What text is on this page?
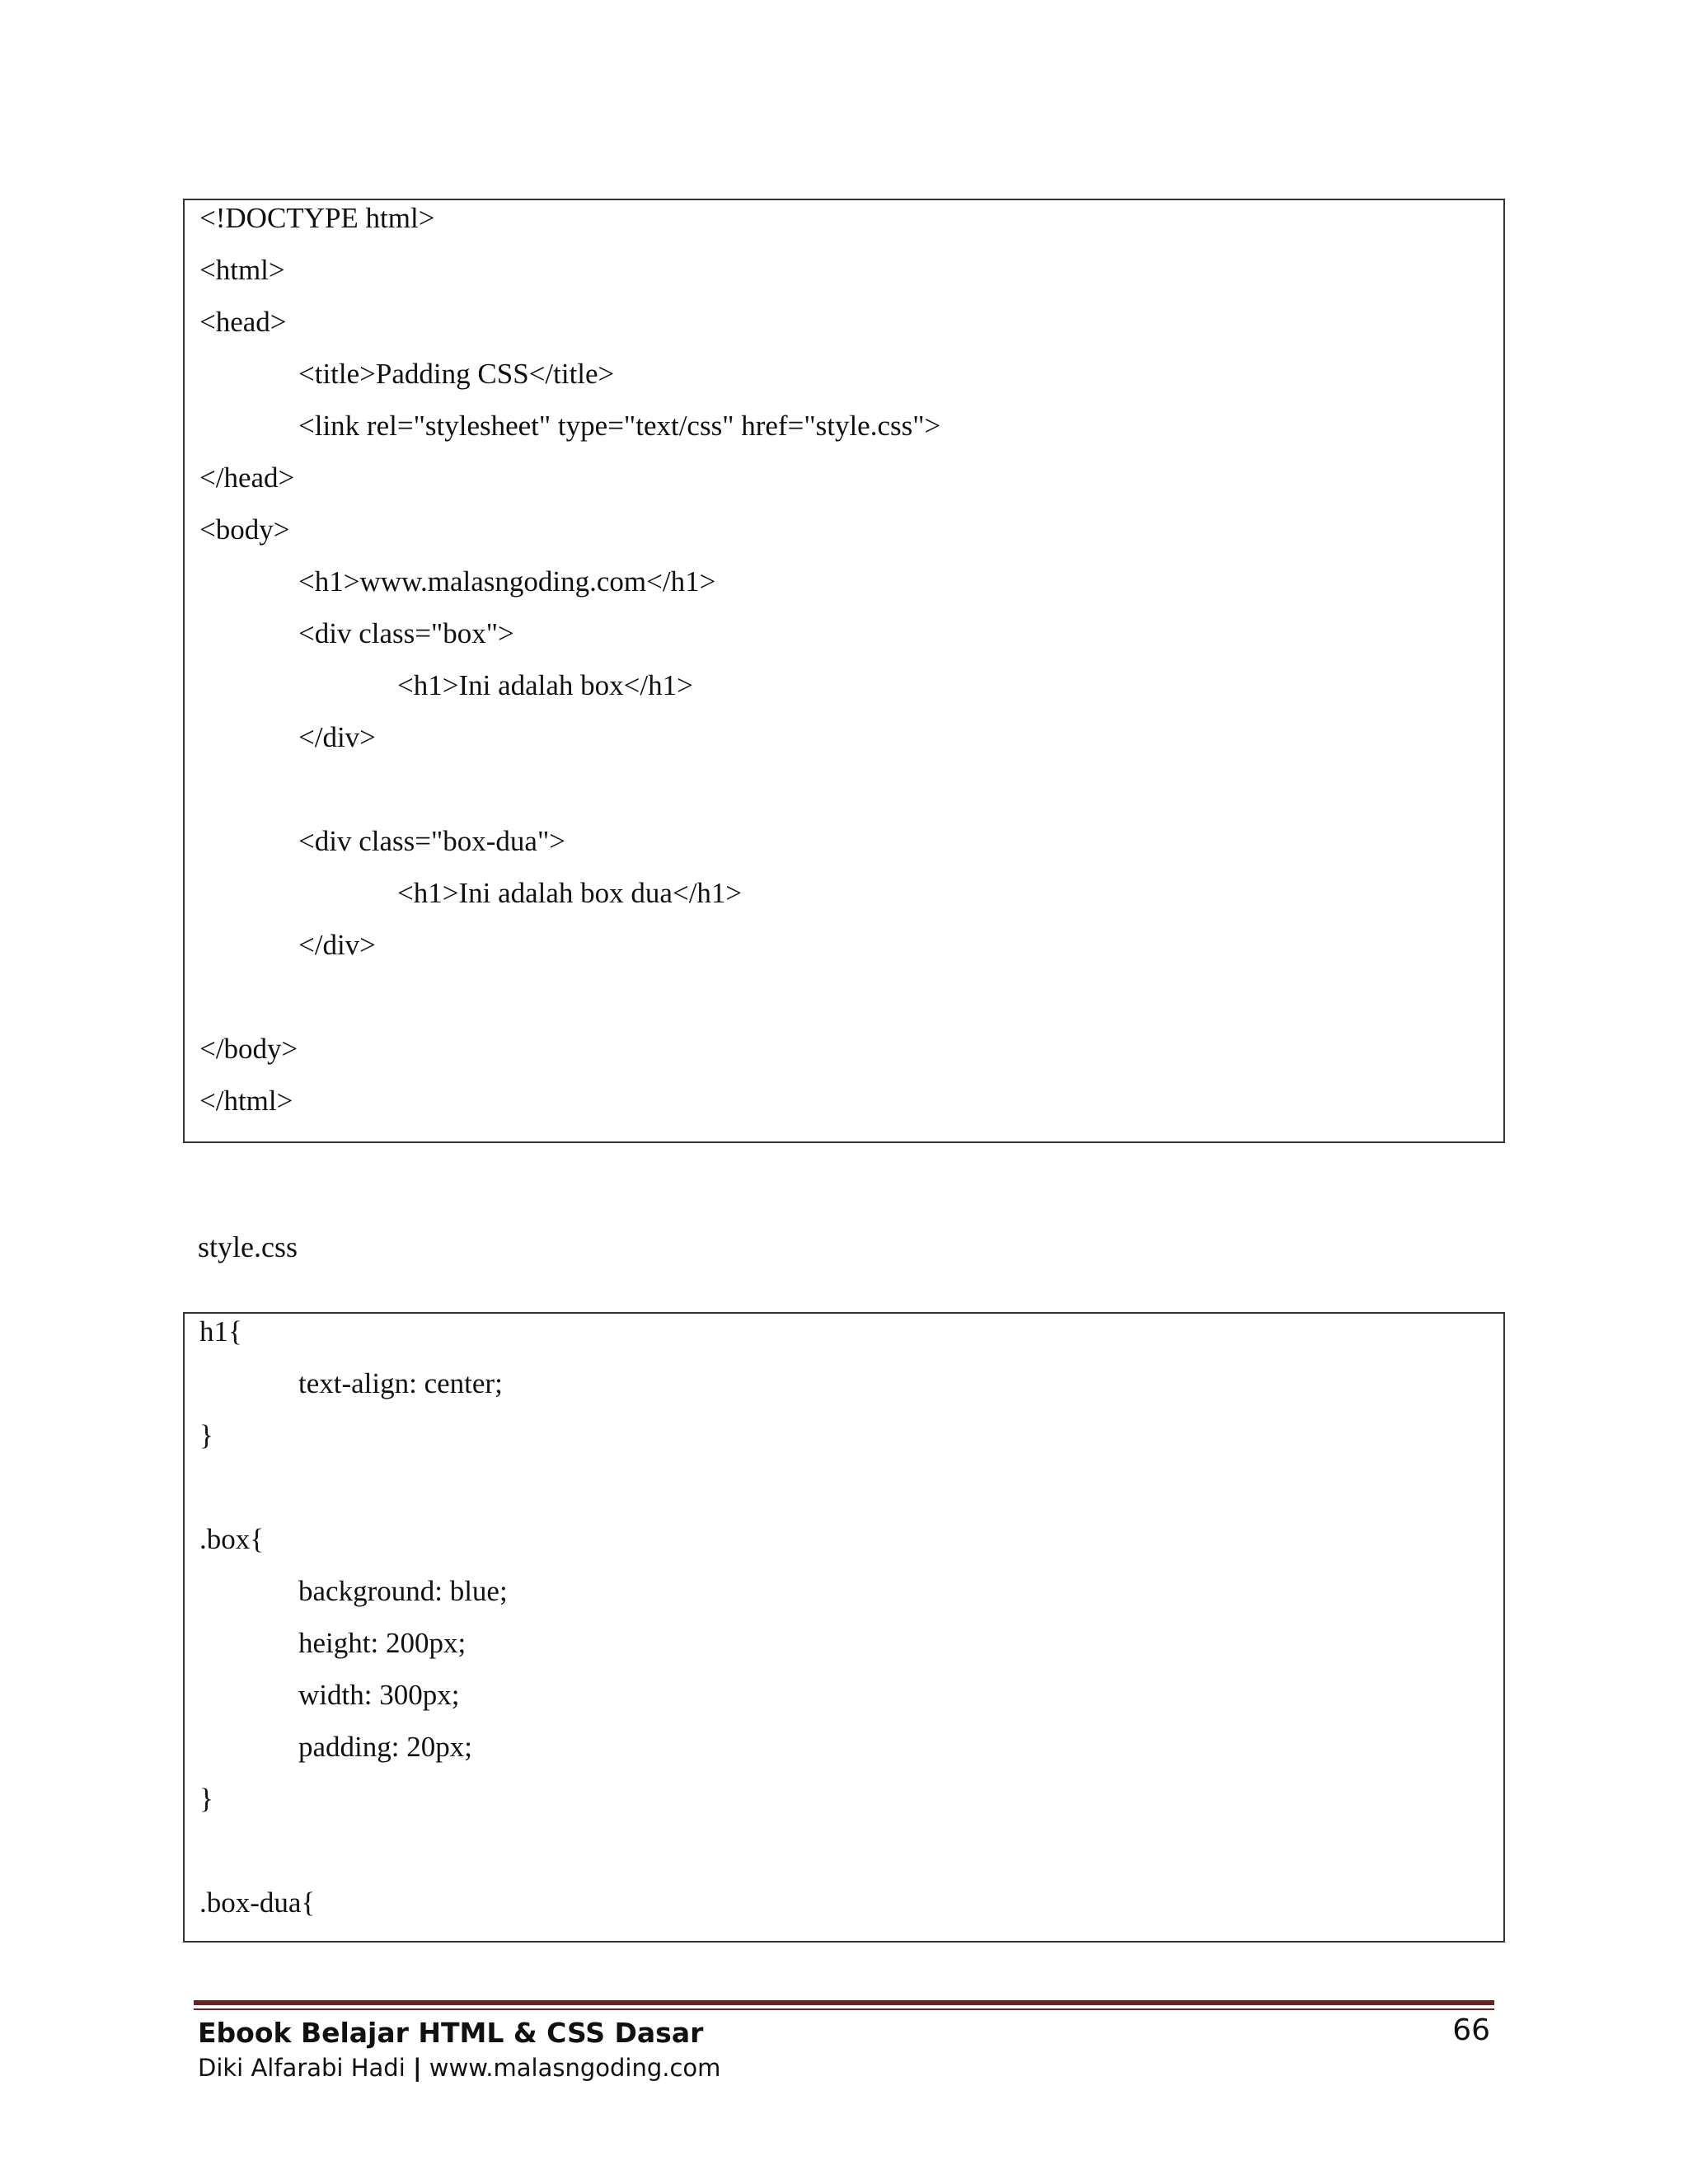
<!DOCTYPE html>
<html>
<head>
<title>Padding CSS</title>
<link rel="stylesheet" type="text/css" href="style.css">
</head>
<body>
<h1>www.malasngoding.com</h1>
<div class="box">
<h1>Ini adalah box</h1>
</div>
<div class="box-dua">
<h1>Ini adalah box dua</h1>
</div>
</body>
</html>
style.css
h1{
text-align: center;
}
.box{
background: blue;
height: 200px;
width: 300px;
padding: 20px;
}
.box-dua{
Ebook Belajar HTML & CSS Dasar
Diki Alfarabi Hadi | www.malasngoding.com
66
